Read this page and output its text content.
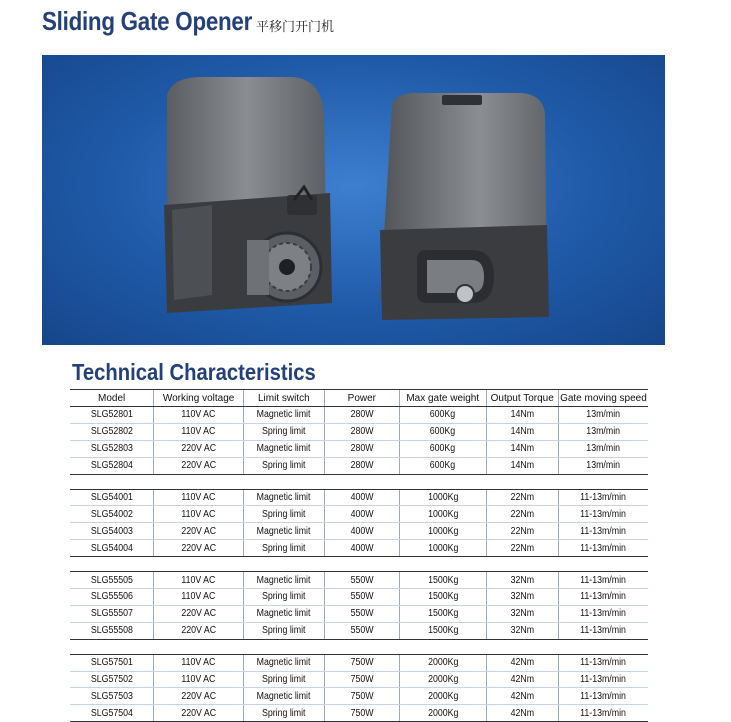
Sliding Gate Opener 平移门开门机
Technical Characteristics
Model	Working voltage	Limit switch	Power	Max gate weight	Output Torque	Gate moving speed
SLG52801	110V AC	Magnetic limit	280W	600Kg	14Nm	13m/min
SLG52802	110V AC	Spring limit	280W	600Kg	14Nm	13m/min
SLG52803	220V AC	Magnetic limit	280W	600Kg	14Nm	13m/min
SLG52804	220V AC	Spring limit	280W	600Kg	14Nm	13m/min

SLG54001	110V AC	Magnetic limit	400W	1000Kg	22Nm	11-13m/min
SLG54002	110V AC	Spring limit	400W	1000Kg	22Nm	11-13m/min
SLG54003	220V AC	Magnetic limit	400W	1000Kg	22Nm	11-13m/min
SLG54004	220V AC	Spring limit	400W	1000Kg	22Nm	11-13m/min

SLG55505	110V AC	Magnetic limit	550W	1500Kg	32Nm	11-13m/min
SLG55506	110V AC	Spring limit	550W	1500Kg	32Nm	11-13m/min
SLG55507	220V AC	Magnetic limit	550W	1500Kg	32Nm	11-13m/min
SLG55508	220V AC	Spring limit	550W	1500Kg	32Nm	11-13m/min

SLG57501	110V AC	Magnetic limit	750W	2000Kg	42Nm	11-13m/min
SLG57502	110V AC	Spring limit	750W	2000Kg	42Nm	11-13m/min
SLG57503	220V AC	Magnetic limit	750W	2000Kg	42Nm	11-13m/min
SLG57504	220V AC	Spring limit	750W	2000Kg	42Nm	11-13m/min
